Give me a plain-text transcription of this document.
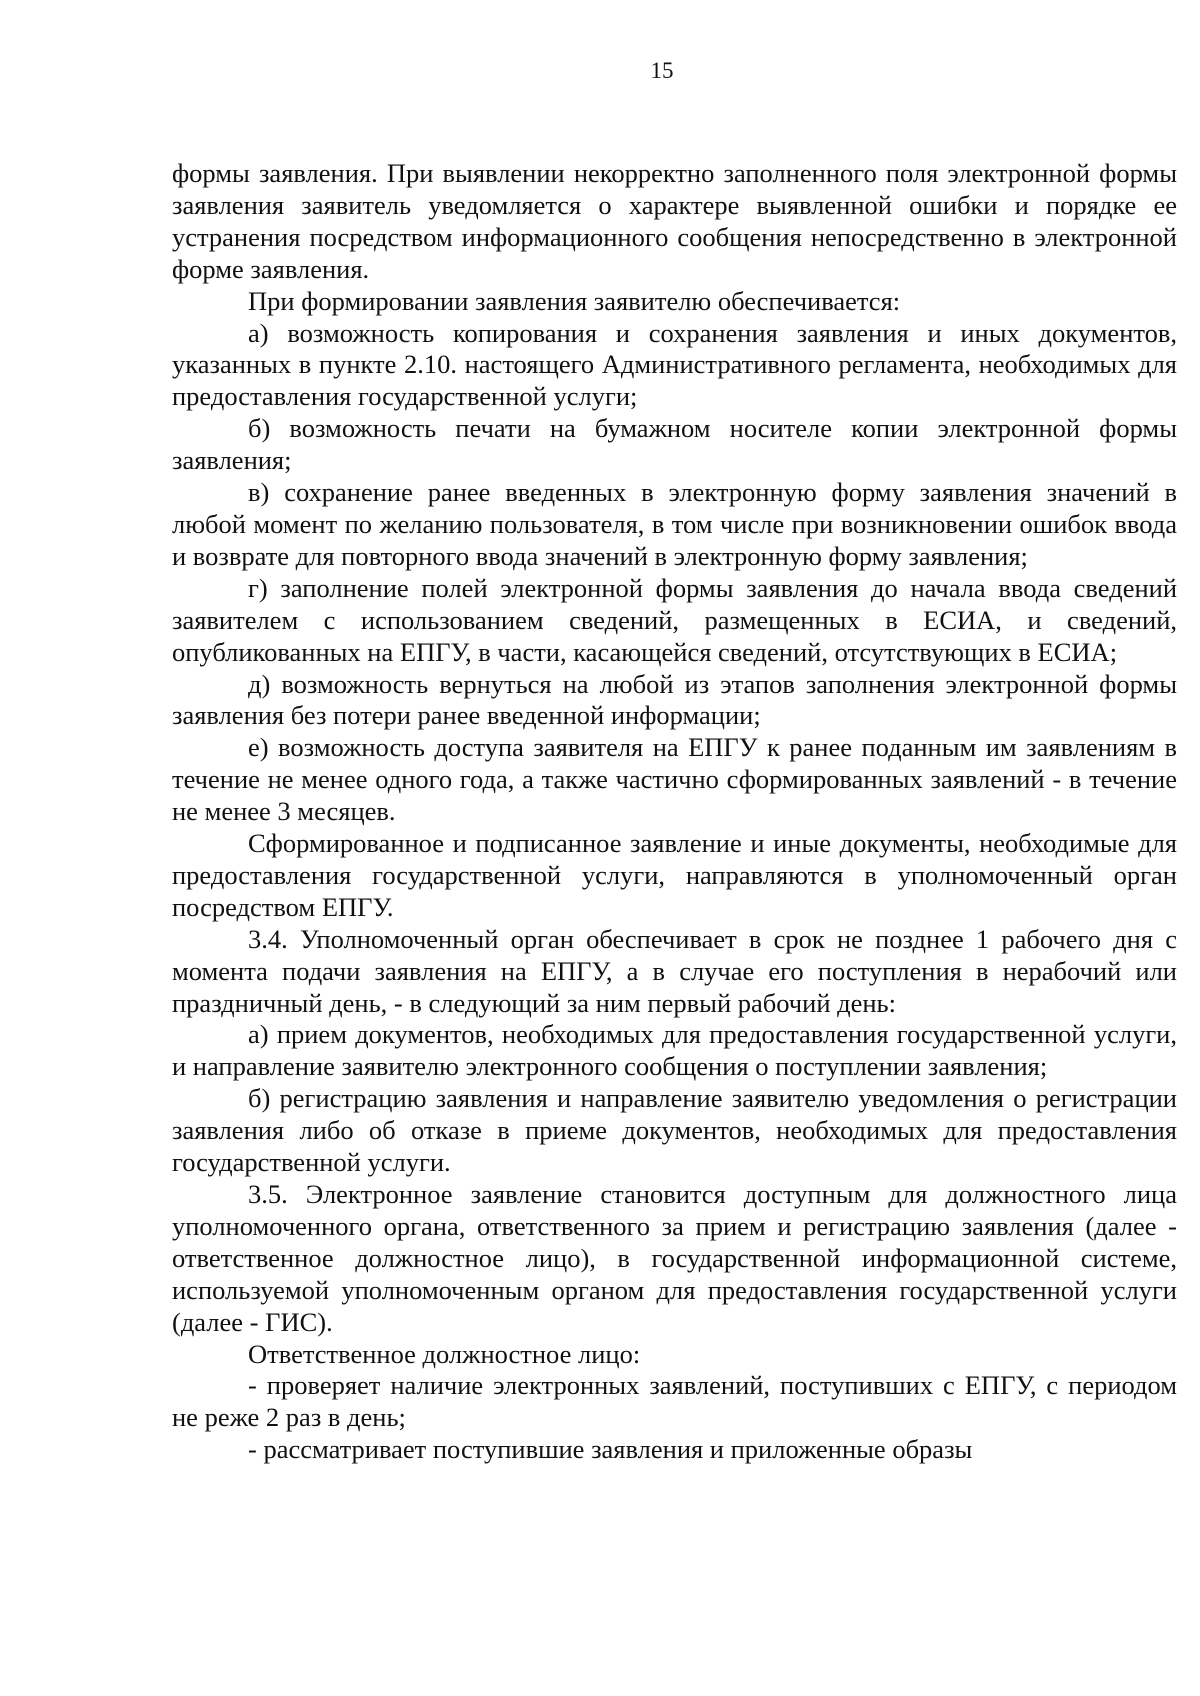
15

формы заявления. При выявлении некорректно заполненного поля электронной формы заявления заявитель уведомляется о характере выявленной ошибки и порядке ее устранения посредством информационного сообщения непосредственно в электронной форме заявления.

При формировании заявления заявителю обеспечивается:

а) возможность копирования и сохранения заявления и иных документов, указанных в пункте 2.10. настоящего Административного регламента, необходимых для предоставления государственной услуги;

б) возможность печати на бумажном носителе копии электронной формы заявления;

в) сохранение ранее введенных в электронную форму заявления значений в любой момент по желанию пользователя, в том числе при возникновении ошибок ввода и возврате для повторного ввода значений в электронную форму заявления;

г) заполнение полей электронной формы заявления до начала ввода сведений заявителем с использованием сведений, размещенных в ЕСИА, и сведений, опубликованных на ЕПГУ, в части, касающейся сведений, отсутствующих в ЕСИА;

д) возможность вернуться на любой из этапов заполнения электронной формы заявления без потери ранее введенной информации;

е) возможность доступа заявителя на ЕПГУ к ранее поданным им заявлениям в течение не менее одного года, а также частично сформированных заявлений - в течение не менее 3 месяцев.

Сформированное и подписанное заявление и иные документы, необходимые для предоставления государственной услуги, направляются в уполномоченный орган посредством ЕПГУ.

3.4. Уполномоченный орган обеспечивает в срок не позднее 1 рабочего дня с момента подачи заявления на ЕПГУ, а в случае его поступления в нерабочий или праздничный день, - в следующий за ним первый рабочий день:

а) прием документов, необходимых для предоставления государственной услуги, и направление заявителю электронного сообщения о поступлении заявления;

б) регистрацию заявления и направление заявителю уведомления о регистрации заявления либо об отказе в приеме документов, необходимых для предоставления государственной услуги.

3.5. Электронное заявление становится доступным для должностного лица уполномоченного органа, ответственного за прием и регистрацию заявления (далее - ответственное должностное лицо), в государственной информационной системе, используемой уполномоченным органом для предоставления государственной услуги (далее - ГИС).

Ответственное должностное лицо:

- проверяет наличие электронных заявлений, поступивших с ЕПГУ, с периодом не реже 2 раз в день;

- рассматривает поступившие заявления и приложенные образы
